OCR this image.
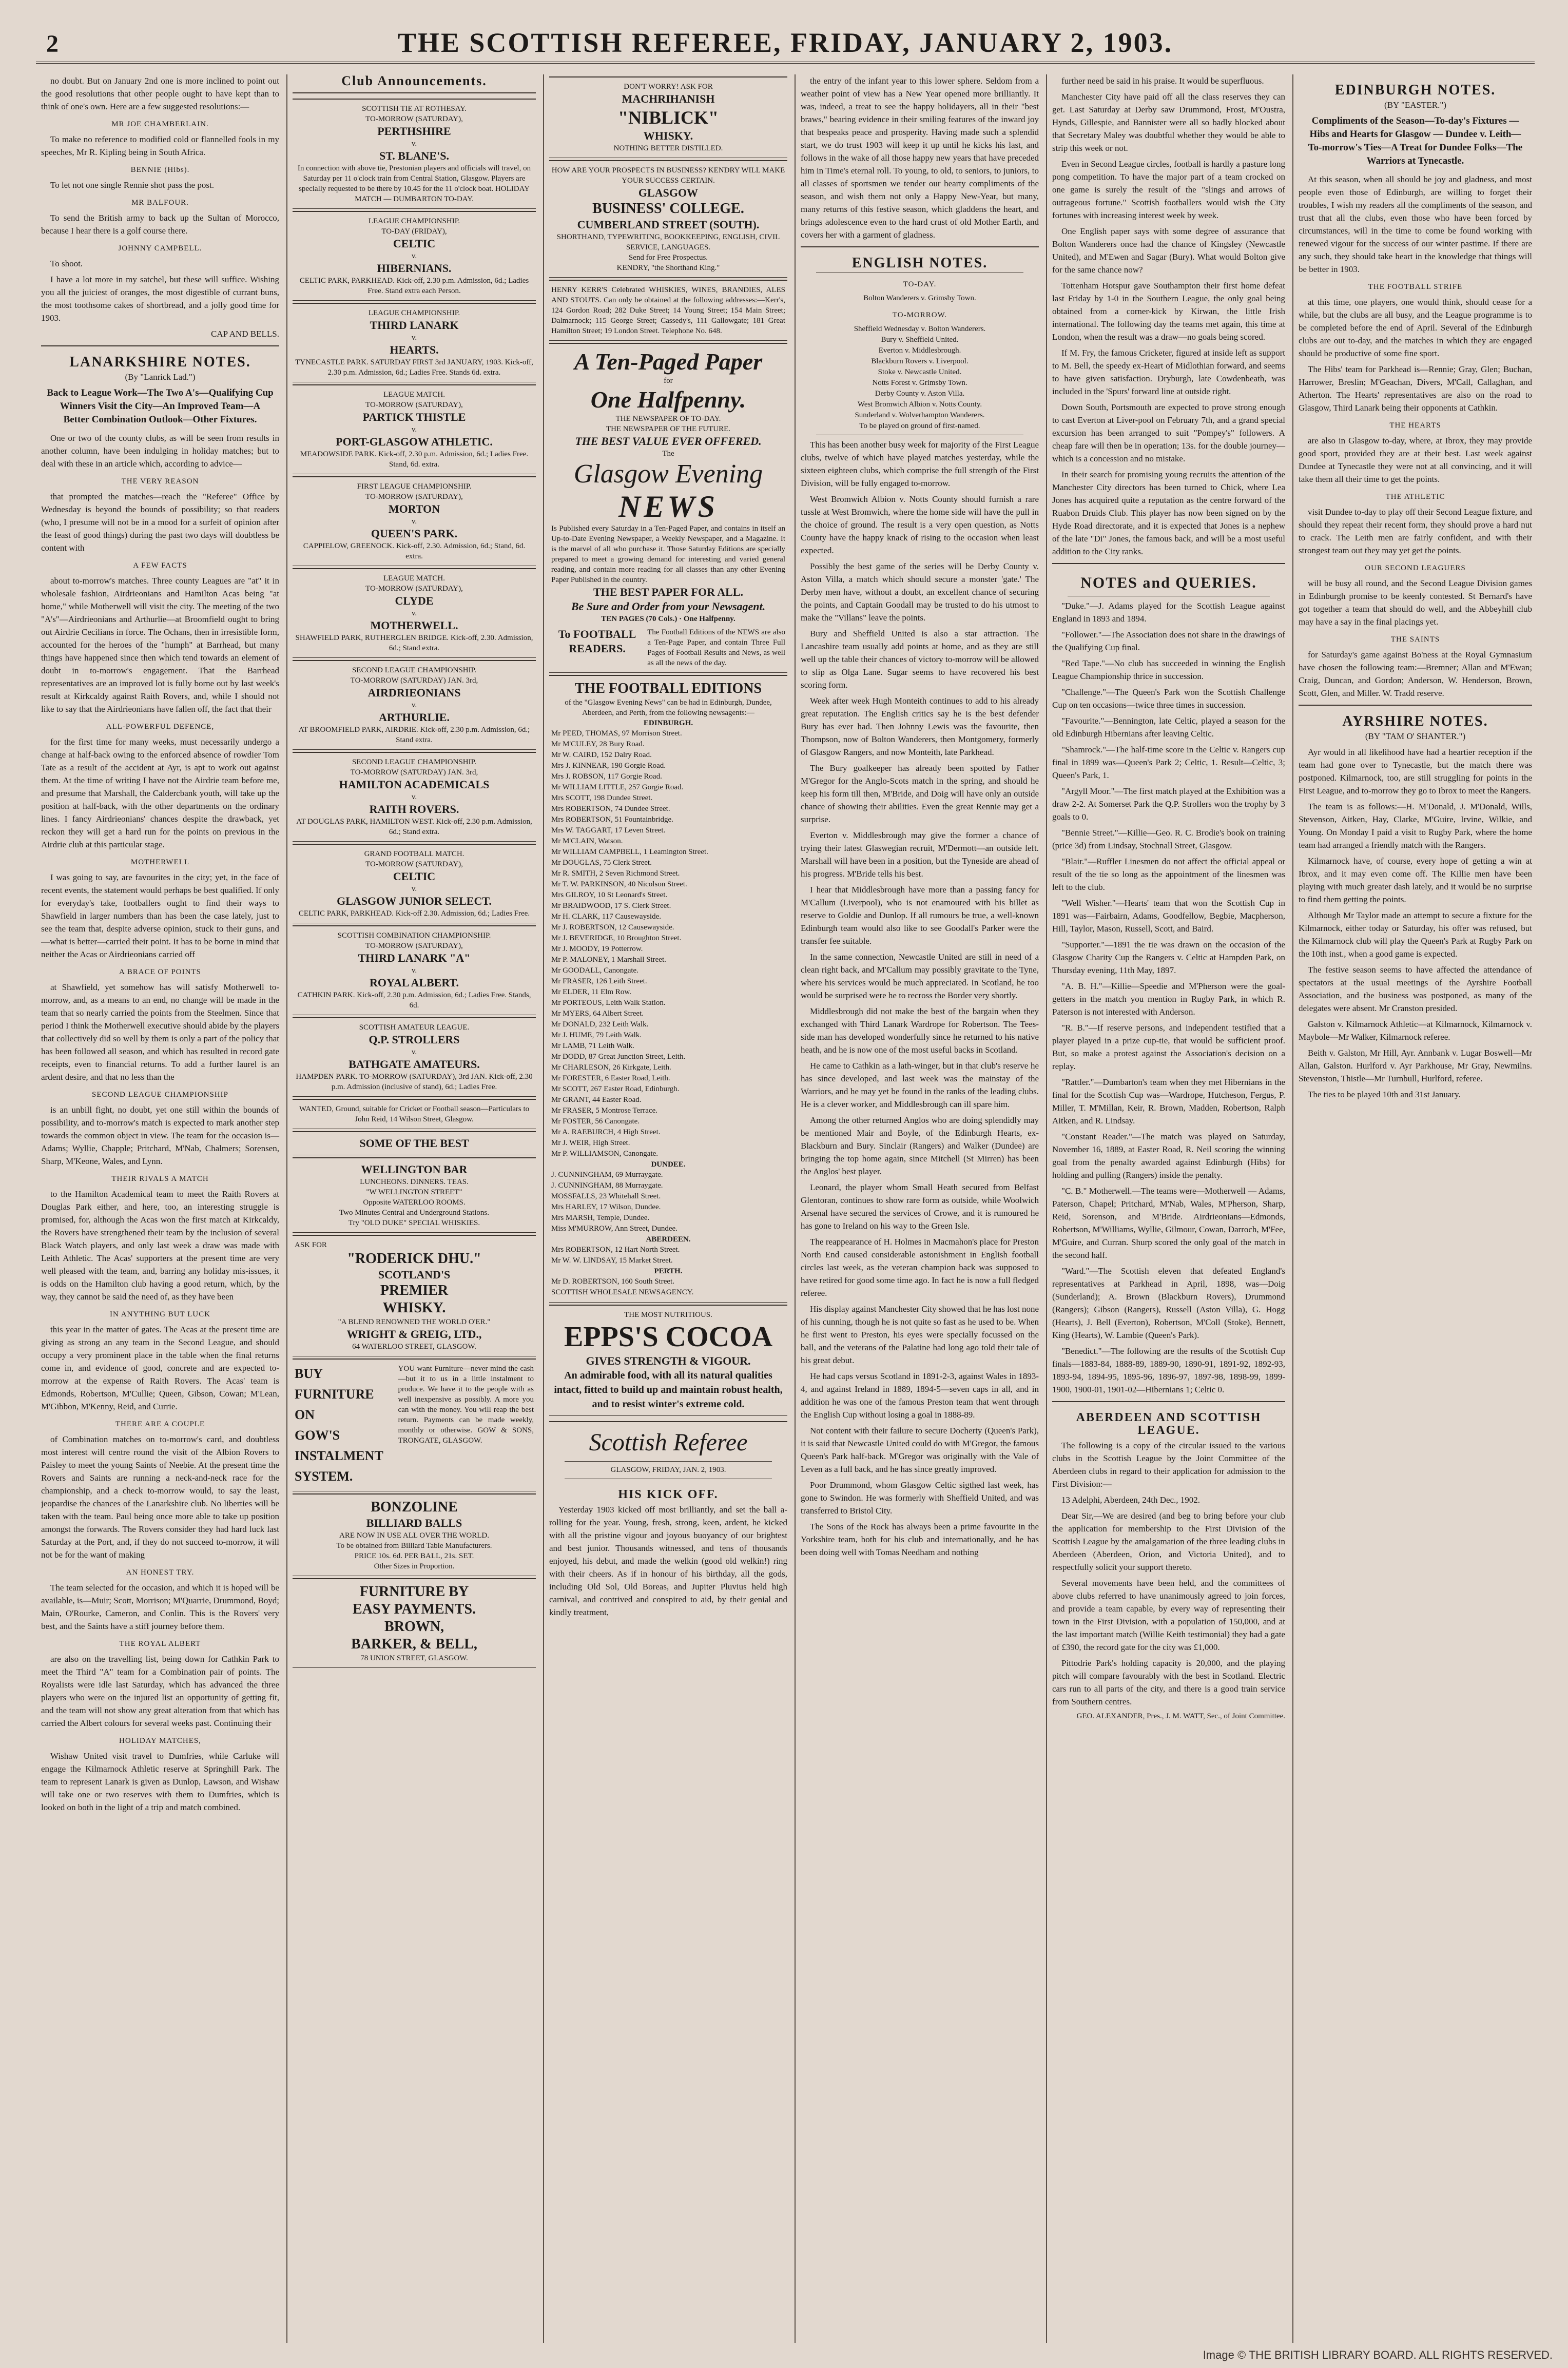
2	THE SCOTTISH REFEREE, FRIDAY, JANUARY 2, 1903.

no doubt. But on January 2nd one is more inclined to point out the good resolutions that other people ought to have kept than to think of one's own. Here are a few suggested resolutions:—

MR JOE CHAMBERLAIN.

To make no reference to modified cold or flannelled fools in my speeches, Mr R. Kipling being in South Africa.

BENNIE (Hibs).

To let not one single Rennie shot pass the post.

MR BALFOUR.

To send the British army to back up the Sultan of Morocco, because I hear there is a golf course there.

JOHNNY CAMPBELL.

To shoot.

I have a lot more in my satchel, but these will suffice. Wishing you all the juiciest of oranges, the most digestible of currant buns, the most toothsome cakes of shortbread, and a jolly good time for 1903.

CAP AND BELLS.
LANARKSHIRE NOTES.
(By "Lanrick Lad.")
Back to League Work—The Two A's—Qualifying Cup Winners Visit the City—An Improved Team—A Better Combination Outlook—Other Fixtures.

One or two of the county clubs, as will be seen from results in another column, have been indulging in holiday matches; but to deal with these in an article which, according to advice—

THE VERY REASON

that prompted the matches—reach the "Referee" Office by Wednesday is beyond the bounds of possibility; so that readers (who, I presume will not be in a mood for a surfeit of opinion after the feast of good things) during the past two days will doubtless be content with

A FEW FACTS

about to-morrow's matches. Three county Leagues are "at" it in wholesale fashion, Airdrieonians and Hamilton Acas being "at home," while Motherwell will visit the city. The meeting of the two "A's"—Airdrieonians and Arthurlie—at Broomfield ought to bring out Airdrie Cecilians in force. The Ochans, then in irresistible form, accounted for the heroes of the "humph" at Barrhead, but many things have happened since then which tend towards an element of doubt in to-morrow's engagement. That the Barrhead representatives are an improved lot is fully borne out by last week's result at Kirkcaldy against Raith Rovers, and, while I should not like to say that the Airdrieonians have fallen off, the fact that their

ALL-POWERFUL DEFENCE,

for the first time for many weeks, must necessarily undergo a change at half-back owing to the enforced absence of rowdier Tom Tate as a result of the accident at Ayr, is apt to work out against them. At the time of writing I have not the Airdrie team before me, and presume that Marshall, the Caldercbank youth, will take up the position at half-back, with the other departments on the ordinary lines. I fancy Airdrieonians' chances despite the drawback, yet reckon they will get a hard run for the points on previous in the Airdrie club at this particular stage.

MOTHERWELL

I was going to say, are favourites in the city; yet, in the face of recent events, the statement would perhaps be best qualified. If only for everyday's take, footballers ought to find their ways to Shawfield in larger numbers than has been the case lately, just to see the team that, despite adverse opinion, stuck to their guns, and—what is better—carried their point. It has to be borne in mind that neither the Acas or Airdrieonians carried off

A BRACE OF POINTS

at Shawfield, yet somehow has will satisfy Motherwell to-morrow, and, as a means to an end, no change will be made in the team that so nearly carried the points from the Steelmen. Since that period I think the Motherwell executive should abide by the players that collectively did so well by them is only a part of the policy that has been followed all season, and which has resulted in record gate receipts, even to financial returns. To add a further laurel is an ardent desire, and that no less than the

SECOND LEAGUE CHAMPIONSHIP

is an unbill fight, no doubt, yet one still within the bounds of possibility, and to-morrow's match is expected to mark another step towards the common object in view. The team for the occasion is—Adams; Wyllie, Chapple; Pritchard, M'Nab, Chalmers; Sorensen, Sharp, M'Keone, Wales, and Lynn.

THEIR RIVALS A MATCH

to the Hamilton Academical team to meet the Raith Rovers at Douglas Park either, and here, too, an interesting struggle is promised, for, although the Acas won the first match at Kirkcaldy, the Rovers have strengthened their team by the inclusion of several Black Watch players, and only last week a draw was made with Leith Athletic. The Acas' supporters at the present time are very well pleased with the team, and, barring any holiday mis-issues, it is odds on the Hamilton club having a good return, which, by the way, they cannot be said the need of, as they have been

IN ANYTHING BUT LUCK

this year in the matter of gates. The Acas at the present time are giving as strong an any team in the Second League, and should occupy a very prominent place in the table when the final returns come in, and evidence of good, concrete and are expected to-morrow at the expense of Raith Rovers. The Acas' team is Edmonds, Robertson, M'Cullie; Queen, Gibson, Cowan; M'Lean, M'Gibbon, M'Kenny, Reid, and Currie.

THERE ARE A COUPLE

of Combination matches on to-morrow's card, and doubtless most interest will centre round the visit of the Albion Rovers to Paisley to meet the young Saints of Neebie. At the present time the Rovers and Saints are running a neck-and-neck race for the championship, and a check to-morrow would, to say the least, jeopardise the chances of the Lanarkshire club. No liberties will be taken with the team. Paul being once more able to take up position amongst the forwards. The Rovers consider they had hard luck last Saturday at the Port, and, if they do not succeed to-morrow, it will not be for the want of making

AN HONEST TRY.

The team selected for the occasion, and which it is hoped will be available, is—Muir; Scott, Morrison; M'Quarrie, Drummond, Boyd; Main, O'Rourke, Cameron, and Conlin. This is the Rovers' very best, and the Saints have a stiff journey before them.

THE ROYAL ALBERT

are also on the travelling list, being down for Cathkin Park to meet the Third "A" team for a Combination pair of points. The Royalists were idle last Saturday, which has advanced the three players who were on the injured list an opportunity of getting fit, and the team will not show any great alteration from that which has carried the Albert colours for several weeks past. Continuing their

HOLIDAY MATCHES,

Wishaw United visit travel to Dumfries, while Carluke will engage the Kilmarnock Athletic reserve at Springhill Park. The team to represent Lanark is given as Dunlop, Lawson, and Wishaw will take one or two reserves with them to Dumfries, which is looked on both in the light of a trip and match combined.

Club Announcements.
SCOTTISH TIE AT ROTHESAY.
TO-MORROW (SATURDAY),
PERTHSHIRE
v.
ST. BLANE'S.
In connection with above tie, Prestonian players and officials will travel, on Saturday per 11 o'clock train from Central Station, Glasgow. Players are specially requested to be there by 10.45 for the 11 o'clock boat. HOLIDAY MATCH — DUMBARTON TO-DAY.
LEAGUE CHAMPIONSHIP.
TO-DAY (FRIDAY),
CELTIC
v.
HIBERNIANS.
CELTIC PARK, PARKHEAD. Kick-off, 2.30 p.m. Admission, 6d.; Ladies Free. Stand extra each Person.
LEAGUE CHAMPIONSHIP.
THIRD LANARK
v.
HEARTS.
TYNECASTLE PARK. SATURDAY FIRST 3rd JANUARY, 1903. Kick-off, 2.30 p.m. Admission, 6d.; Ladies Free. Stands 6d. extra.
LEAGUE MATCH.
TO-MORROW (SATURDAY),
PARTICK THISTLE
v.
PORT-GLASGOW ATHLETIC.
MEADOWSIDE PARK. Kick-off, 2.30 p.m. Admission, 6d.; Ladies Free. Stand, 6d. extra.
FIRST LEAGUE CHAMPIONSHIP.
TO-MORROW (SATURDAY),
MORTON
v.
QUEEN'S PARK.
CAPPIELOW, GREENOCK. Kick-off, 2.30. Admission, 6d.; Stand, 6d. extra.
LEAGUE MATCH.
TO-MORROW (SATURDAY),
CLYDE
v.
MOTHERWELL.
SHAWFIELD PARK, RUTHERGLEN BRIDGE. Kick-off, 2.30. Admission, 6d.; Stand extra.
SECOND LEAGUE CHAMPIONSHIP.
TO-MORROW (SATURDAY) JAN. 3rd,
AIRDRIEONIANS
v.
ARTHURLIE.
AT BROOMFIELD PARK, AIRDRIE. Kick-off, 2.30 p.m. Admission, 6d.; Stand extra.
SECOND LEAGUE CHAMPIONSHIP.
TO-MORROW (SATURDAY) JAN. 3rd,
HAMILTON ACADEMICALS
v.
RAITH ROVERS.
AT DOUGLAS PARK, HAMILTON WEST. Kick-off, 2.30 p.m. Admission, 6d.; Stand extra.
GRAND FOOTBALL MATCH.
TO-MORROW (SATURDAY),
CELTIC
v.
GLASGOW JUNIOR SELECT.
CELTIC PARK, PARKHEAD. Kick-off 2.30. Admission, 6d.; Ladies Free.
SCOTTISH COMBINATION CHAMPIONSHIP.
TO-MORROW (SATURDAY),
THIRD LANARK "A"
v.
ROYAL ALBERT.
CATHKIN PARK. Kick-off, 2.30 p.m. Admission, 6d.; Ladies Free. Stands, 6d.
SCOTTISH AMATEUR LEAGUE.
Q.P. STROLLERS
v.
BATHGATE AMATEURS.
HAMPDEN PARK. TO-MORROW (SATURDAY), 3rd JAN. Kick-off, 2.30 p.m. Admission (inclusive of stand), 6d.; Ladies Free.
WANTED, Ground, suitable for Cricket or Football season—Particulars to John Reid, 14 Wilson Street, Glasgow.
SOME OF THE BEST
WELLINGTON BAR
LUNCHEONS. DINNERS. TEAS.
"W WELLINGTON STREET"
Opposite WATERLOO ROOMS.
Two Minutes Central and Underground Stations.
Try "OLD DUKE" SPECIAL WHISKIES.
ASK FOR
"RODERICK DHU."
SCOTLAND'S
PREMIER
WHISKY.
"A BLEND RENOWNED THE WORLD O'ER."
WRIGHT & GREIG, LTD.,
64 WATERLOO STREET, GLASGOW.
BUY
FURNITURE
ON
GOW'S
INSTALMENT
SYSTEM.
YOU want Furniture—never mind the cash—but it to us in a little instalment to produce. We have it to the people with as well inexpensive as possibly. A more you can with the money. You will reap the best return. Payments can be made weekly, monthly or otherwise. GOW & SONS, TRONGATE, GLASGOW.
BONZOLINE
BILLIARD BALLS
ARE NOW IN USE ALL OVER THE WORLD.
To be obtained from Billiard Table Manufacturers.
PRICE 10s. 6d. PER BALL, 21s. SET.
Other Sizes in Proportion.
FURNITURE BY
EASY PAYMENTS.
BROWN,
BARKER, & BELL,
78 UNION STREET, GLASGOW.
DON'T WORRY! ASK FOR
MACHRIHANISH
"NIBLICK"
WHISKY.
NOTHING BETTER DISTILLED.
HOW ARE YOUR PROSPECTS IN BUSINESS? KENDRY WILL MAKE YOUR SUCCESS CERTAIN.
GLASGOW
BUSINESS' COLLEGE.
CUMBERLAND STREET (SOUTH).
SHORTHAND, TYPEWRITING, BOOKKEEPING, ENGLISH, CIVIL SERVICE, LANGUAGES.
Send for Free Prospectus.
KENDRY, "the Shorthand King."
HENRY KERR'S Celebrated WHISKIES, WINES, BRANDIES, ALES AND STOUTS. Can only be obtained at the following addresses:—Kerr's, 124 Gordon Road; 282 Duke Street; 14 Young Street; 154 Main Street; Dalmarnock; 115 George Street; Cassedy's, 111 Gallowgate; 181 Great Hamilton Street; 19 London Street. Telephone No. 648.
A Ten-Paged Paper
for
One Halfpenny.
THE NEWSPAPER OF TO-DAY.
THE NEWSPAPER OF THE FUTURE.
THE BEST VALUE EVER OFFERED.
The
Glasgow Evening
NEWS
Is Published every Saturday in a Ten-Paged Paper, and contains in itself an Up-to-Date Evening Newspaper, a Weekly Newspaper, and a Magazine. It is the marvel of all who purchase it. Those Saturday Editions are specially prepared to meet a growing demand for interesting and varied general reading, and contain more reading for all classes than any other Evening Paper Published in the country.
THE BEST PAPER FOR ALL.
Be Sure and Order from your Newsagent.
TEN PAGES (70 Cols.) · One Halfpenny.
To FOOTBALL READERS.
The Football Editions of the NEWS are also a Ten-Page Paper, and contain Three Full Pages of Football Results and News, as well as all the news of the day.
THE FOOTBALL EDITIONS
of the "Glasgow Evening News" can be had in Edinburgh, Dundee, Aberdeen, and Perth, from the following newsagents:—
EDINBURGH.
Mr PEED, THOMAS, 97 Morrison Street.
Mr M'CULEY, 28 Bury Road.
Mr W. CAIRD, 152 Dalry Road.
Mrs J. KINNEAR, 190 Gorgie Road.
Mrs J. ROBSON, 117 Gorgie Road.
Mr WILLIAM LITTLE, 257 Gorgie Road.
Mrs SCOTT, 198 Dundee Street.
Mrs ROBERTSON, 74 Dundee Street.
Mrs ROBERTSON, 51 Fountainbridge.
Mrs W. TAGGART, 17 Leven Street.
Mr M'CLAIN, Watson.
Mr WILLIAM CAMPBELL, 1 Leamington Street.
Mr DOUGLAS, 75 Clerk Street.
Mr R. SMITH, 2 Seven Richmond Street.
Mr T. W. PARKINSON, 40 Nicolson Street.
Mrs GILROY, 10 St Leonard's Street.
Mr BRAIDWOOD, 17 S. Clerk Street.
Mr H. CLARK, 117 Causewayside.
Mr J. ROBERTSON, 12 Causewayside.
Mr J. BEVERIDGE, 10 Broughton Street.
Mr J. MOODY, 19 Potterrow.
Mr P. MALONEY, 1 Marshall Street.
Mr GOODALL, Canongate.
Mr FRASER, 126 Leith Street.
Mr ELDER, 11 Elm Row.
Mr PORTEOUS, Leith Walk Station.
Mr MYERS, 64 Albert Street.
Mr DONALD, 232 Leith Walk.
Mr J. HUME, 79 Leith Walk.
Mr LAMB, 71 Leith Walk.
Mr DODD, 87 Great Junction Street, Leith.
Mr CHARLESON, 26 Kirkgate, Leith.
Mr FORESTER, 6 Easter Road, Leith.
Mr SCOTT, 267 Easter Road, Edinburgh.
Mr GRANT, 44 Easter Road.
Mr FRASER, 5 Montrose Terrace.
Mr FOSTER, 56 Canongate.
Mr A. RAEBURCH, 4 High Street.
Mr J. WEIR, High Street.
Mr P. WILLIAMSON, Canongate.
DUNDEE.
J. CUNNINGHAM, 69 Murraygate.
J. CUNNINGHAM, 88 Murraygate.
MOSSFALLS, 23 Whitehall Street.
Mrs HARLEY, 17 Wilson, Dundee.
Mrs MARSH, Temple, Dundee.
Miss M'MURROW, Ann Street, Dundee.
ABERDEEN.
Mrs ROBERTSON, 12 Hart North Street.
Mr W. W. LINDSAY, 15 Market Street.
PERTH.
Mr D. ROBERTSON, 160 South Street.
SCOTTISH WHOLESALE NEWSAGENCY.
THE MOST NUTRITIOUS.
EPPS'S COCOA
GIVES STRENGTH & VIGOUR.
An admirable food, with all its natural qualities intact, fitted to build up and maintain robust health, and to resist winter's extreme cold.
Scottish Referee
GLASGOW, FRIDAY, JAN. 2, 1903.
HIS KICK OFF.

Yesterday 1903 kicked off most brilliantly, and set the ball a-rolling for the year. Young, fresh, strong, keen, ardent, he kicked with all the pristine vigour and joyous buoyancy of our brightest and best junior. Thousands witnessed, and tens of thousands enjoyed, his debut, and made the welkin (good old welkin!) ring with their cheers. As if in honour of his birthday, all the gods, including Old Sol, Old Boreas, and Jupiter Pluvius held high carnival, and contrived and conspired to aid, by their genial and kindly treatment,

the entry of the infant year to this lower sphere. Seldom from a weather point of view has a New Year opened more brilliantly. It was, indeed, a treat to see the happy holidayers, all in their "best braws," bearing evidence in their smiling features of the inward joy that bespeaks peace and prosperity. Having made such a splendid start, we do trust 1903 will keep it up until he kicks his last, and follows in the wake of all those happy new years that have preceded him in Time's eternal roll. To young, to old, to seniors, to juniors, to all classes of sportsmen we tender our hearty compliments of the season, and wish them not only a Happy New-Year, but many, many returns of this festive season, which gladdens the heart, and brings adolescence even to the hard crust of old Mother Earth, and covers her with a garment of gladness.

ENGLISH NOTES.
TO-DAY.
Bolton Wanderers v. Grimsby Town.
TO-MORROW.
Sheffield Wednesday v. Bolton Wanderers.
Bury v. Sheffield United.
Everton v. Middlesbrough.
Blackburn Rovers v. Liverpool.
Stoke v. Newcastle United.
Notts Forest v. Grimsby Town.
Derby County v. Aston Villa.
West Bromwich Albion v. Notts County.
Sunderland v. Wolverhampton Wanderers.
To be played on ground of first-named.

This has been another busy week for majority of the First League clubs, twelve of which have played matches yesterday, while the sixteen eighteen clubs, which comprise the full strength of the First Division, will be fully engaged to-morrow.

West Bromwich Albion v. Notts County should furnish a rare tussle at West Bromwich, where the home side will have the pull in the choice of ground. The result is a very open question, as Notts County have the happy knack of rising to the occasion when least expected.

Possibly the best game of the series will be Derby County v. Aston Villa, a match which should secure a monster 'gate.' The Derby men have, without a doubt, an excellent chance of securing the points, and Captain Goodall may be trusted to do his utmost to make the "Villans" leave the points.

Bury and Sheffield United is also a star attraction. The Lancashire team usually add points at home, and as they are still well up the table their chances of victory to-morrow will be allowed to slip as Olga Lane. Sugar seems to have recovered his best scoring form.

Week after week Hugh Monteith continues to add to his already great reputation. The English critics say he is the best defender Bury has ever had. Then Johnny Lewis was the favourite, then Thompson, now of Bolton Wanderers, then Montgomery, formerly of Glasgow Rangers, and now Monteith, late Parkhead.

The Bury goalkeeper has already been spotted by Father M'Gregor for the Anglo-Scots match in the spring, and should he keep his form till then, M'Bride, and Doig will have only an outside chance of showing their abilities. Even the great Rennie may get a surprise.

Everton v. Middlesbrough may give the former a chance of trying their latest Glaswegian recruit, M'Dermott—an outside left. Marshall will have been in a position, but the Tyneside are ahead of his progress. M'Bride tells his best.

I hear that Middlesbrough have more than a passing fancy for M'Callum (Liverpool), who is not enamoured with his billet as reserve to Goldie and Dunlop. If all rumours be true, a well-known Edinburgh team would also like to see Goodall's Parker were the transfer fee suitable.

In the same connection, Newcastle United are still in need of a clean right back, and M'Callum may possibly gravitate to the Tyne, where his services would be much appreciated. In Scotland, he too would be surprised were he to recross the Border very shortly.

Middlesbrough did not make the best of the bargain when they exchanged with Third Lanark Wardrope for Robertson. The Tees-side man has developed wonderfully since he returned to his native heath, and he is now one of the most useful backs in Scotland.

He came to Cathkin as a lath-winger, but in that club's reserve he has since developed, and last week was the mainstay of the Warriors, and he may yet be found in the ranks of the leading clubs. He is a clever worker, and Middlesbrough can ill spare him.

Among the other returned Anglos who are doing splendidly may be mentioned Mair and Boyle, of the Edinburgh Hearts, ex-Blackburn and Bury. Sinclair (Rangers) and Walker (Dundee) are bringing the top home again, since Mitchell (St Mirren) has been the Anglos' best player.

Leonard, the player whom Small Heath secured from Belfast Glentoran, continues to show rare form as outside, while Woolwich Arsenal have secured the services of Crowe, and it is rumoured he has gone to Ireland on his way to the Green Isle.

The reappearance of H. Holmes in Macmahon's place for Preston North End caused considerable astonishment in English football circles last week, as the veteran champion back was supposed to have retired for good some time ago. In fact he is now a full fledged referee.

His display against Manchester City showed that he has lost none of his cunning, though he is not quite so fast as he used to be. When he first went to Preston, his eyes were specially focussed on the ball, and the veterans of the Palatine had long ago told their tale of his great debut.

He had caps versus Scotland in 1891-2-3, against Wales in 1893-4, and against Ireland in 1889, 1894-5—seven caps in all, and in addition he was one of the famous Preston team that went through the English Cup without losing a goal in 1888-89.

Not content with their failure to secure Docherty (Queen's Park), it is said that Newcastle United could do with M'Gregor, the famous Queen's Park half-back. M'Gregor was originally with the Vale of Leven as a full back, and he has since greatly improved.

Poor Drummond, whom Glasgow Celtic sigthed last week, has gone to Swindon. He was formerly with Sheffield United, and was transferred to Bristol City.

The Sons of the Rock has always been a prime favourite in the Yorkshire team, both for his club and internationally, and he has been doing well with Tomas Needham and nothing

further need be said in his praise. It would be superfluous.

Manchester City have paid off all the class reserves they can get. Last Saturday at Derby saw Drummond, Frost, M'Oustra, Hynds, Gillespie, and Bannister were all so badly blocked about that Secretary Maley was doubtful whether they would be able to strip this week or not.

Even in Second League circles, football is hardly a pasture long pong competition. To have the major part of a team crocked on one game is surely the result of the "slings and arrows of outrageous fortune." Scottish footballers would wish the City fortunes with increasing interest week by week.

One English paper says with some degree of assurance that Bolton Wanderers once had the chance of Kingsley (Newcastle United), and M'Ewen and Sagar (Bury). What would Bolton give for the same chance now?

Tottenham Hotspur gave Southampton their first home defeat last Friday by 1-0 in the Southern League, the only goal being obtained from a corner-kick by Kirwan, the little Irish international. The following day the teams met again, this time at London, when the result was a draw—no goals being scored.

If M. Fry, the famous Cricketer, figured at inside left as support to M. Bell, the speedy ex-Heart of Midlothian forward, and seems to have given satisfaction. Dryburgh, late Cowdenbeath, was included in the 'Spurs' forward line at outside right.

Down South, Portsmouth are expected to prove strong enough to cast Everton at Liver-pool on February 7th, and a grand special excursion has been arranged to suit "Pompey's" followers. A cheap fare will then be in operation; 13s. for the double journey—which is a concession and no mistake.

In their search for promising young recruits the attention of the Manchester City directors has been turned to Chick, where Lea Jones has acquired quite a reputation as the centre forward of the Ruabon Druids Club. This player has now been signed on by the Hyde Road directorate, and it is expected that Jones is a nephew of the late "Di" Jones, the famous back, and will be a most useful addition to the City ranks.

NOTES and QUERIES.

"Duke."—J. Adams played for the Scottish League against England in 1893 and 1894.

"Follower."—The Association does not share in the drawings of the Qualifying Cup final.

"Red Tape."—No club has succeeded in winning the English League Championship thrice in succession.

"Challenge."—The Queen's Park won the Scottish Challenge Cup on ten occasions—twice three times in succession.

"Favourite."—Bennington, late Celtic, played a season for the old Edinburgh Hibernians after leaving Celtic.

"Shamrock."—The half-time score in the Celtic v. Rangers cup final in 1899 was—Queen's Park 2; Celtic, 1. Result—Celtic, 3; Queen's Park, 1.

"Argyll Moor."—The first match played at the Exhibition was a draw 2-2. At Somerset Park the Q.P. Strollers won the trophy by 3 goals to 0.

"Bennie Street."—Killie—Geo. R. C. Brodie's book on training (price 3d) from Lindsay, Stochnall Street, Glasgow.

"Blair."—Ruffler Linesmen do not affect the official appeal or result of the tie so long as the appointment of the linesmen was left to the club.

"Well Wisher."—Hearts' team that won the Scottish Cup in 1891 was—Fairbairn, Adams, Goodfellow, Begbie, Macpherson, Hill, Taylor, Mason, Russell, Scott, and Baird.

"Supporter."—1891 the tie was drawn on the occasion of the Glasgow Charity Cup the Rangers v. Celtic at Hampden Park, on Thursday evening, 11th May, 1897.

"A. B. H."—Killie—Speedie and M'Pherson were the goal-getters in the match you mention in Rugby Park, in which R. Paterson is not interested with Anderson.

"R. B."—If reserve persons, and independent testified that a player played in a prize cup-tie, that would be sufficient proof. But, so make a protest against the Association's decision on a replay.

"Rattler."—Dumbarton's team when they met Hibernians in the final for the Scottish Cup was—Wardrope, Hutcheson, Fergus, P. Miller, T. M'Millan, Keir, R. Brown, Madden, Robertson, Ralph Aitken, and R. Lindsay.

"Constant Reader."—The match was played on Saturday, November 16, 1889, at Easter Road, R. Neil scoring the winning goal from the penalty awarded against Edinburgh (Hibs) for holding and pulling (Rangers) inside the penalty.

"C. B." Motherwell.—The teams were—Motherwell — Adams, Paterson, Chapel; Pritchard, M'Nab, Wales, M'Pherson, Sharp, Reid, Sorenson, and M'Bride. Airdrieonians—Edmonds, Robertson, M'Williams, Wyllie, Gilmour, Cowan, Darroch, M'Fee, M'Guire, and Curran. Shurp scored the only goal of the match in the second half.

"Ward."—The Scottish eleven that defeated England's representatives at Parkhead in April, 1898, was—Doig (Sunderland); A. Brown (Blackburn Rovers), Drummond (Rangers); Gibson (Rangers), Russell (Aston Villa), G. Hogg (Hearts), J. Bell (Everton), Robertson, M'Coll (Stoke), Bennett, King (Hearts), W. Lambie (Queen's Park).

"Benedict."—The following are the results of the Scottish Cup finals—1883-84, 1888-89, 1889-90, 1890-91, 1891-92, 1892-93, 1893-94, 1894-95, 1895-96, 1896-97, 1897-98, 1898-99, 1899-1900, 1900-01, 1901-02—Hibernians 1; Celtic 0.

ABERDEEN AND SCOTTISH LEAGUE.

The following is a copy of the circular issued to the various clubs in the Scottish League by the Joint Committee of the Aberdeen clubs in regard to their application for admission to the First Division:—

13 Adelphi, Aberdeen, 24th Dec., 1902.

Dear Sir,—We are desired (and beg to bring before your club the application for membership to the First Division of the Scottish League by the amalgamation of the three leading clubs in Aberdeen (Aberdeen, Orion, and Victoria United), and to respectfully solicit your support thereto.

Several movements have been held, and the committees of above clubs referred to have unanimously agreed to join forces, and provide a team capable, by every way of representing their town in the First Division, with a population of 150,000, and at the last important match (Willie Keith testimonial) they had a gate of £390, the record gate for the city was £1,000.

Pittodrie Park's holding capacity is 20,000, and the playing pitch will compare favourably with the best in Scotland. Electric cars run to all parts of the city, and there is a good train service from Southern centres.

GEO. ALEXANDER, Pres., J. M. WATT, Sec., of Joint Committee.
EDINBURGH NOTES.
(BY "EASTER.")
Compliments of the Season—To-day's Fixtures — Hibs and Hearts for Glasgow — Dundee v. Leith—To-morrow's Ties—A Treat for Dundee Folks—The Warriors at Tynecastle.

At this season, when all should be joy and gladness, and most people even those of Edinburgh, are willing to forget their troubles, I wish my readers all the compliments of the season, and trust that all the clubs, even those who have been forced by circumstances, will in the time to come be found working with renewed vigour for the success of our winter pastime. If there are any such, they should take heart in the knowledge that things will be better in 1903.

THE FOOTBALL STRIFE

at this time, one players, one would think, should cease for a while, but the clubs are all busy, and the League programme is to be completed before the end of April. Several of the Edinburgh clubs are out to-day, and the matches in which they are engaged should be productive of some fine sport.

The Hibs' team for Parkhead is—Rennie; Gray, Glen; Buchan, Harrower, Breslin; M'Geachan, Divers, M'Call, Callaghan, and Atherton. The Hearts' representatives are also on the road to Glasgow, Third Lanark being their opponents at Cathkin.

THE HEARTS

are also in Glasgow to-day, where, at Ibrox, they may provide good sport, provided they are at their best. Last week against Dundee at Tynecastle they were not at all convincing, and it will take them all their time to get the points.

THE ATHLETIC

visit Dundee to-day to play off their Second League fixture, and should they repeat their recent form, they should prove a hard nut to crack. The Leith men are fairly confident, and with their strongest team out they may yet get the points.

OUR SECOND LEAGUERS

will be busy all round, and the Second League Division games in Edinburgh promise to be keenly contested. St Bernard's have got together a team that should do well, and the Abbeyhill club may have a say in the final placings yet.

THE SAINTS

for Saturday's game against Bo'ness at the Royal Gymnasium have chosen the following team:—Bremner; Allan and M'Ewan; Craig, Duncan, and Gordon; Anderson, W. Henderson, Brown, Scott, Glen, and Miller. W. Tradd reserve.

AYRSHIRE NOTES.
(BY "TAM O' SHANTER.")

Ayr would in all likelihood have had a heartier reception if the team had gone over to Tynecastle, but the match there was postponed. Kilmarnock, too, are still struggling for points in the First League, and to-morrow they go to Ibrox to meet the Rangers.

The team is as follows:—H. M'Donald, J. M'Donald, Wills, Stevenson, Aitken, Hay, Clarke, M'Guire, Irvine, Wilkie, and Young. On Monday I paid a visit to Rugby Park, where the home team had arranged a friendly match with the Rangers.

Kilmarnock have, of course, every hope of getting a win at Ibrox, and it may even come off. The Killie men have been playing with much greater dash lately, and it would be no surprise to find them getting the points.

Although Mr Taylor made an attempt to secure a fixture for the Kilmarnock, either today or Saturday, his offer was refused, but the Kilmarnock club will play the Queen's Park at Rugby Park on the 10th inst., when a good game is expected.

The festive season seems to have affected the attendance of spectators at the usual meetings of the Ayrshire Football Association, and the business was postponed, as many of the delegates were absent. Mr Cranston presided.

Galston v. Kilmarnock Athletic—at Kilmarnock, Kilmarnock v. Maybole—Mr Walker, Kilmarnock referee.

Beith v. Galston, Mr Hill, Ayr. Annbank v. Lugar Boswell—Mr Allan, Galston. Hurlford v. Ayr Parkhouse, Mr Gray, Newmilns. Stevenston, Thistle—Mr Turnbull, Hurlford, referee.

The ties to be played 10th and 31st January.

Image © THE BRITISH LIBRARY BOARD. ALL RIGHTS RESERVED.
